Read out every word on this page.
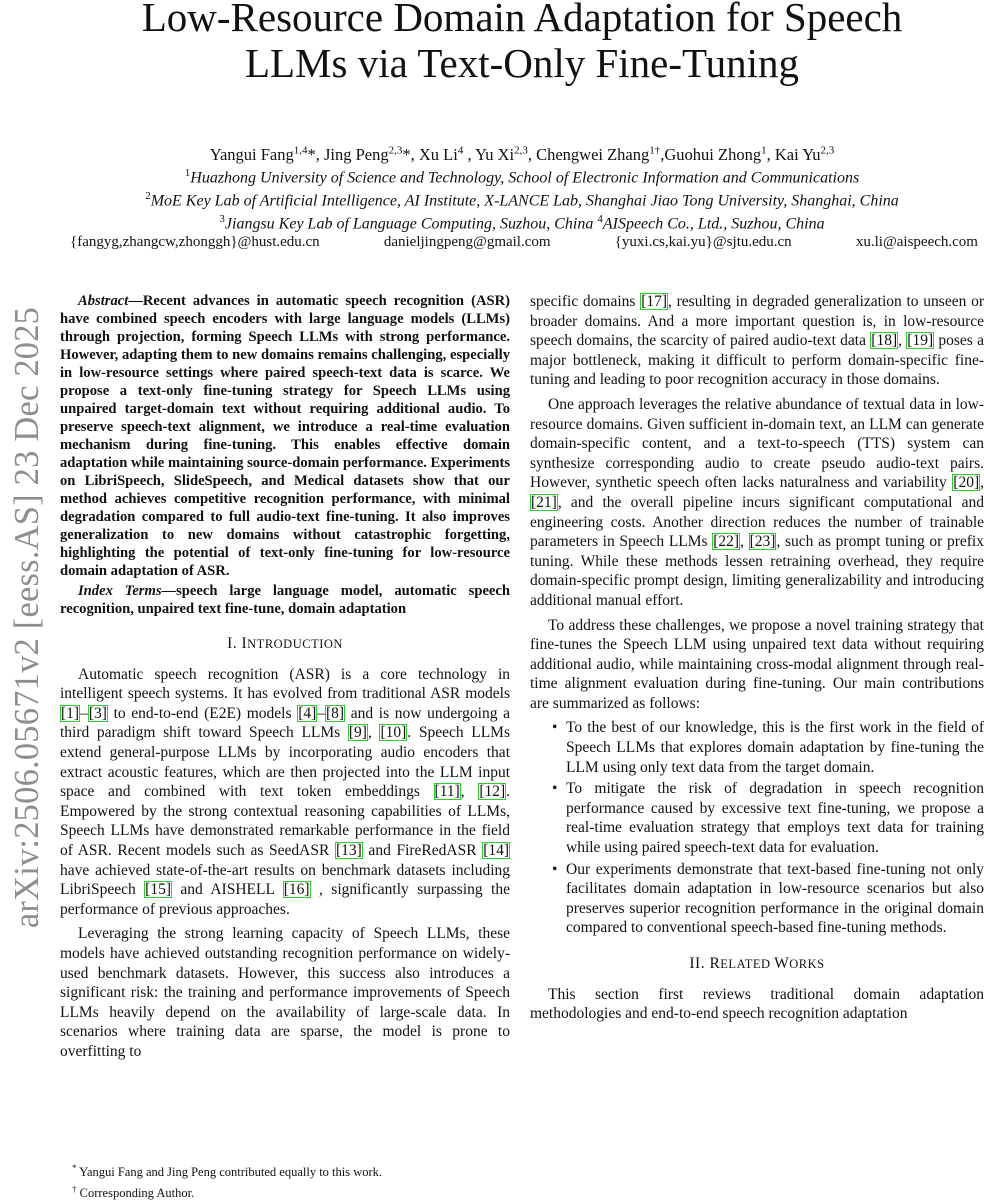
arXiv:2506.05671v2 [eess.AS] 23 Dec 2025
Low-Resource Domain Adaptation for Speech
LLMs via Text-Only Fine-Tuning

Yangui Fang$^{1,4}$*, Jing Peng$^{2,3}$*, Xu Li$^4$ , Yu Xi$^{2,3}$, Chengwei Zhang$^{1\dagger}$,Guohui Zhong$^1$, Kai Yu$^{2,3}$

$^1$Huazhong University of Science and Technology, School of Electronic Information and Communications

$^2$MoE Key Lab of Artificial Intelligence, AI Institute, X-LANCE Lab, Shanghai Jiao Tong University, Shanghai, China

$^3$Jiangsu Key Lab of Language Computing, Suzhou, China $^4$AISpeech Co., Ltd., Suzhou, China

{fangyg,zhangcw,zhonggh}@hust.edu.cn	danieljingpeng@gmail.com	{yuxi.cs,kai.yu}@sjtu.edu.cn	xu.li@aispeech.com

Abstract—Recent advances in automatic speech recognition (ASR) have combined speech encoders with large language models (LLMs) through projection, forming Speech LLMs with strong performance. However, adapting them to new domains remains challenging, especially in low-resource settings where paired speech-text data is scarce. We propose a text-only fine-tuning strategy for Speech LLMs using unpaired target-domain text without requiring additional audio. To preserve speech-text alignment, we introduce a real-time evaluation mechanism during fine-tuning. This enables effective domain adaptation while maintaining source-domain performance. Experiments on LibriSpeech, SlideSpeech, and Medical datasets show that our method achieves competitive recognition performance, with minimal degradation compared to full audio-text fine-tuning. It also improves generalization to new domains without catastrophic forgetting, highlighting the potential of text-only fine-tuning for low-resource domain adaptation of ASR.

Index Terms—speech large language model, automatic speech recognition, unpaired text fine-tune, domain adaptation

I. INTRODUCTION

Automatic speech recognition (ASR) is a core technology in intelligent speech systems. It has evolved from traditional ASR models [1]–[3] to end-to-end (E2E) models [4]–[8] and is now undergoing a third paradigm shift toward Speech LLMs [9], [10]. Speech LLMs extend general-purpose LLMs by incorporating audio encoders that extract acoustic features, which are then projected into the LLM input space and combined with text token embeddings [11], [12]. Empowered by the strong contextual reasoning capabilities of LLMs, Speech LLMs have demonstrated remarkable performance in the field of ASR. Recent models such as SeedASR [13] and FireRedASR [14] have achieved state-of-the-art results on benchmark datasets including LibriSpeech [15] and AISHELL [16] , significantly surpassing the performance of previous approaches.

Leveraging the strong learning capacity of Speech LLMs, these models have achieved outstanding recognition performance on widely-used benchmark datasets. However, this success also introduces a significant risk: the training and performance improvements of Speech LLMs heavily depend on the availability of large-scale data. In scenarios where training data are sparse, the model is prone to overfitting to

* Yangui Fang and Jing Peng contributed equally to this work.
† Corresponding Author.

specific domains [17], resulting in degraded generalization to unseen or broader domains. And a more important question is, in low-resource speech domains, the scarcity of paired audio-text data [18], [19] poses a major bottleneck, making it difficult to perform domain-specific fine-tuning and leading to poor recognition accuracy in those domains.

One approach leverages the relative abundance of textual data in low-resource domains. Given sufficient in-domain text, an LLM can generate domain-specific content, and a text-to-speech (TTS) system can synthesize corresponding audio to create pseudo audio-text pairs. However, synthetic speech often lacks naturalness and variability [20], [21], and the overall pipeline incurs significant computational and engineering costs. Another direction reduces the number of trainable parameters in Speech LLMs [22], [23], such as prompt tuning or prefix tuning. While these methods lessen retraining overhead, they require domain-specific prompt design, limiting generalizability and introducing additional manual effort.

To address these challenges, we propose a novel training strategy that fine-tunes the Speech LLM using unpaired text data without requiring additional audio, while maintaining cross-modal alignment through real-time alignment evaluation during fine-tuning. Our main contributions are summarized as follows:

• To the best of our knowledge, this is the first work in the field of Speech LLMs that explores domain adaptation by fine-tuning the LLM using only text data from the target domain.
• To mitigate the risk of degradation in speech recognition performance caused by excessive text fine-tuning, we propose a real-time evaluation strategy that employs text data for training while using paired speech-text data for evaluation.
• Our experiments demonstrate that text-based fine-tuning not only facilitates domain adaptation in low-resource scenarios but also preserves superior recognition performance in the original domain compared to conventional speech-based fine-tuning methods.
II. RELATED WORKS

This section first reviews traditional domain adaptation methodologies and end-to-end speech recognition adaptation
